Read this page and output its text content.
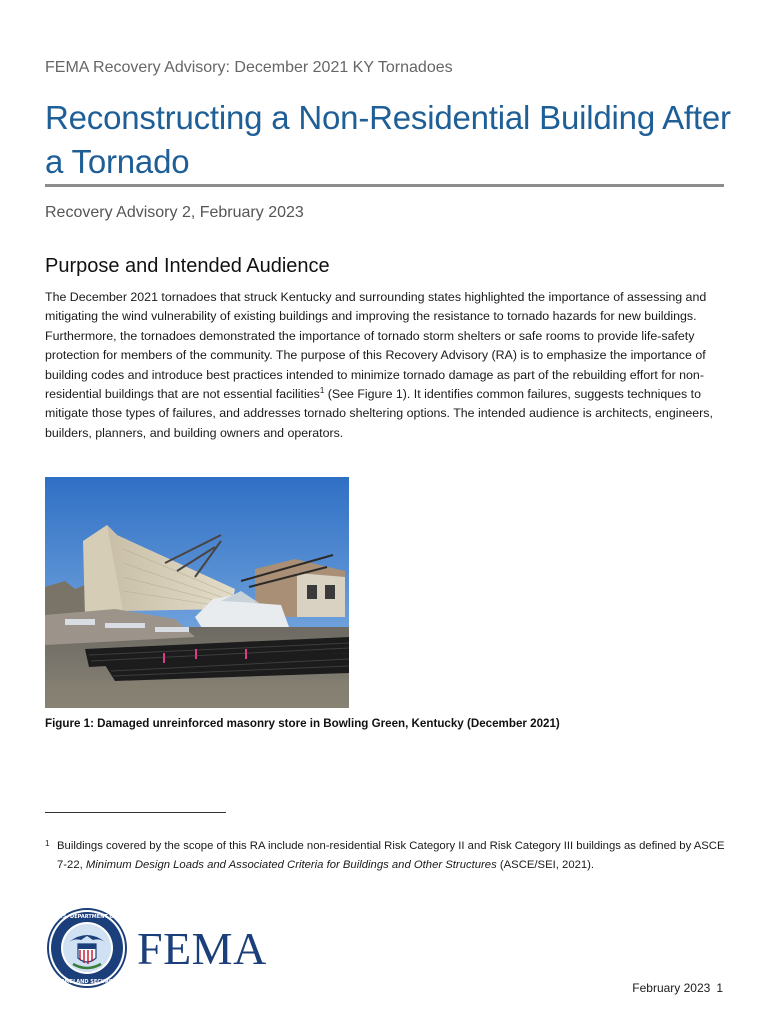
FEMA Recovery Advisory: December 2021 KY Tornadoes
Reconstructing a Non-Residential Building After a Tornado
Recovery Advisory 2, February 2023
Purpose and Intended Audience

The December 2021 tornadoes that struck Kentucky and surrounding states highlighted the importance of assessing and mitigating the wind vulnerability of existing buildings and improving the resistance to tornado hazards for new buildings. Furthermore, the tornadoes demonstrated the importance of tornado storm shelters or safe rooms to provide life-safety protection for members of the community. The purpose of this Recovery Advisory (RA) is to emphasize the importance of building codes and introduce best practices intended to minimize tornado damage as part of the rebuilding effort for non-residential buildings that are not essential facilities$^1$ (See Figure 1). It identifies common failures, suggests techniques to mitigate those types of failures, and addresses tornado sheltering options. The intended audience is architects, engineers, builders, planners, and building owners and operators.

Figure 1: Damaged unreinforced masonry store in Bowling Green, Kentucky (December 2021)
1 Buildings covered by the scope of this RA include non-residential Risk Category II and Risk Category III buildings as defined by ASCE 7-22, Minimum Design Loads and Associated Criteria for Buildings and Other Structures (ASCE/SEI, 2021).
U.S. DEPARTMENT OF
HOMELAND SECURITY
FEMA
February 2023 1
